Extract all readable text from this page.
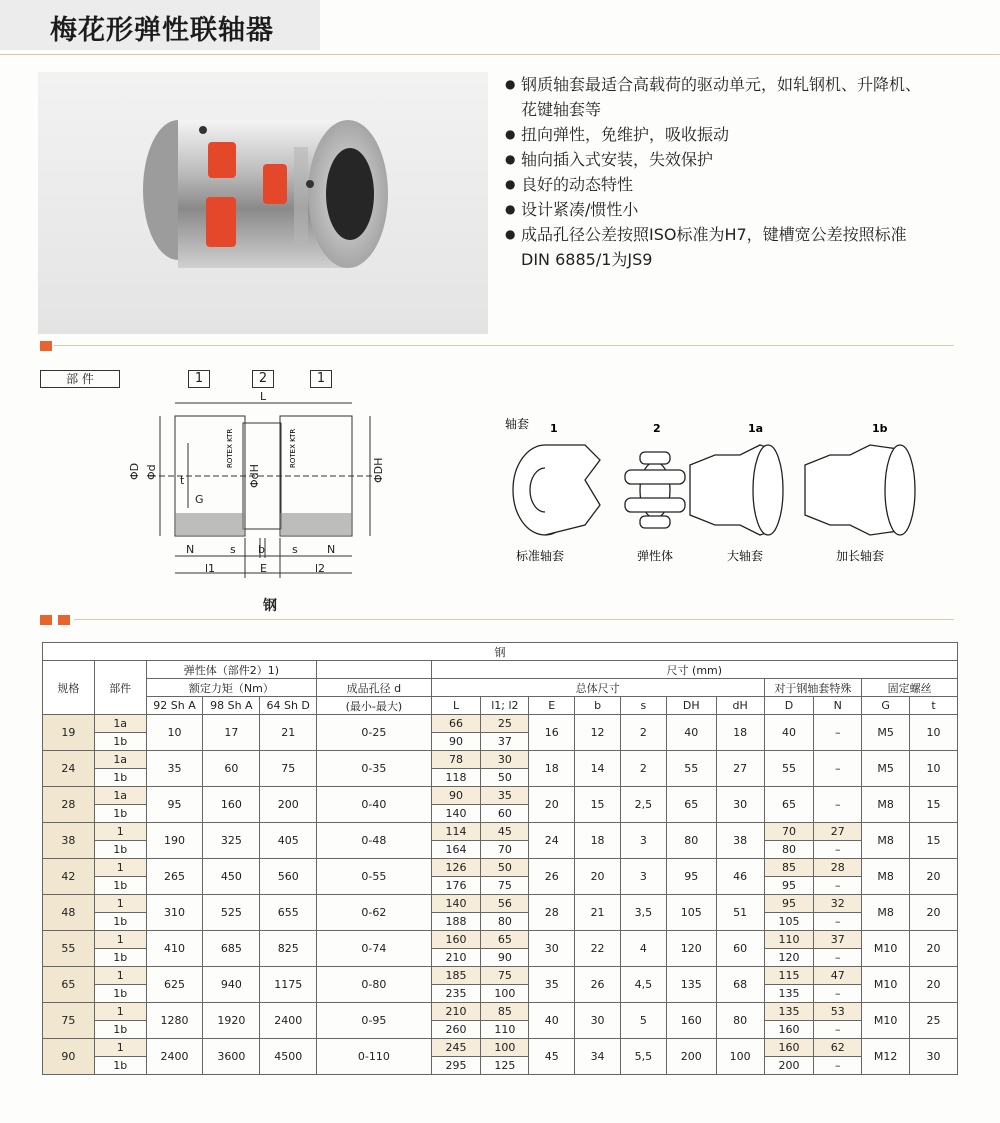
梅花形弹性联轴器
● 钢质轴套最适合高载荷的驱动单元，如轧钢机、升降机、
花键轴套等
● 扭向弹性，免维护，吸收振动
● 轴向插入式安装，失效保护
● 良好的动态特性
● 设计紧凑/惯性小
● 成品孔径公差按照ISO标准为H7，键槽宽公差按照标准
DIN 6885/1为JS9
部 件	1	2	1
L
N	s b s	N
l1	E	l2
G
t
ΦD Φd	ΦdH	ΦDH
ROTEX KTR	ROTEX KTR
钢
轴套 1	2	1a	1b
标准轴套	弹性体	大轴套	加长轴套
钢																
规格	部件	弹性体（部件2）1)				尺寸 (mm)										
		额定力矩（Nm）			成品孔径 d	总体尺寸							对于钢轴套特殊		固定螺丝	
		92 Sh A	98 Sh A	64 Sh D	(最小-最大)	L	l1; l2	E	b	s	DH	dH	D	N	G	t
19	1a	10	17	21	0-25	66	25	16	12	2	40	18	40	–	M5	10
	1b					90	37									
24	1a	35	60	75	0-35	78	30	18	14	2	55	27	55	–	M5	10
	1b					118	50									
28	1a	95	160	200	0-40	90	35	20	15	2,5	65	30	65	–	M8	15
	1b					140	60									
38	1	190	325	405	0-48	114	45	24	18	3	80	38	70	27	M8	15
	1b					164	70						80	–		
42	1	265	450	560	0-55	126	50	26	20	3	95	46	85	28	M8	20
	1b					176	75						95	–		
48	1	310	525	655	0-62	140	56	28	21	3,5	105	51	95	32	M8	20
	1b					188	80						105	–		
55	1	410	685	825	0-74	160	65	30	22	4	120	60	110	37	M10	20
	1b					210	90						120	–		
65	1	625	940	1175	0-80	185	75	35	26	4,5	135	68	115	47	M10	20
	1b					235	100						135	–		
75	1	1280	1920	2400	0-95	210	85	40	30	5	160	80	135	53	M10	25
	1b					260	110						160	–		
90	1	2400	3600	4500	0-110	245	100	45	34	5,5	200	100	160	62	M12	30
	1b					295	125						200	–		
